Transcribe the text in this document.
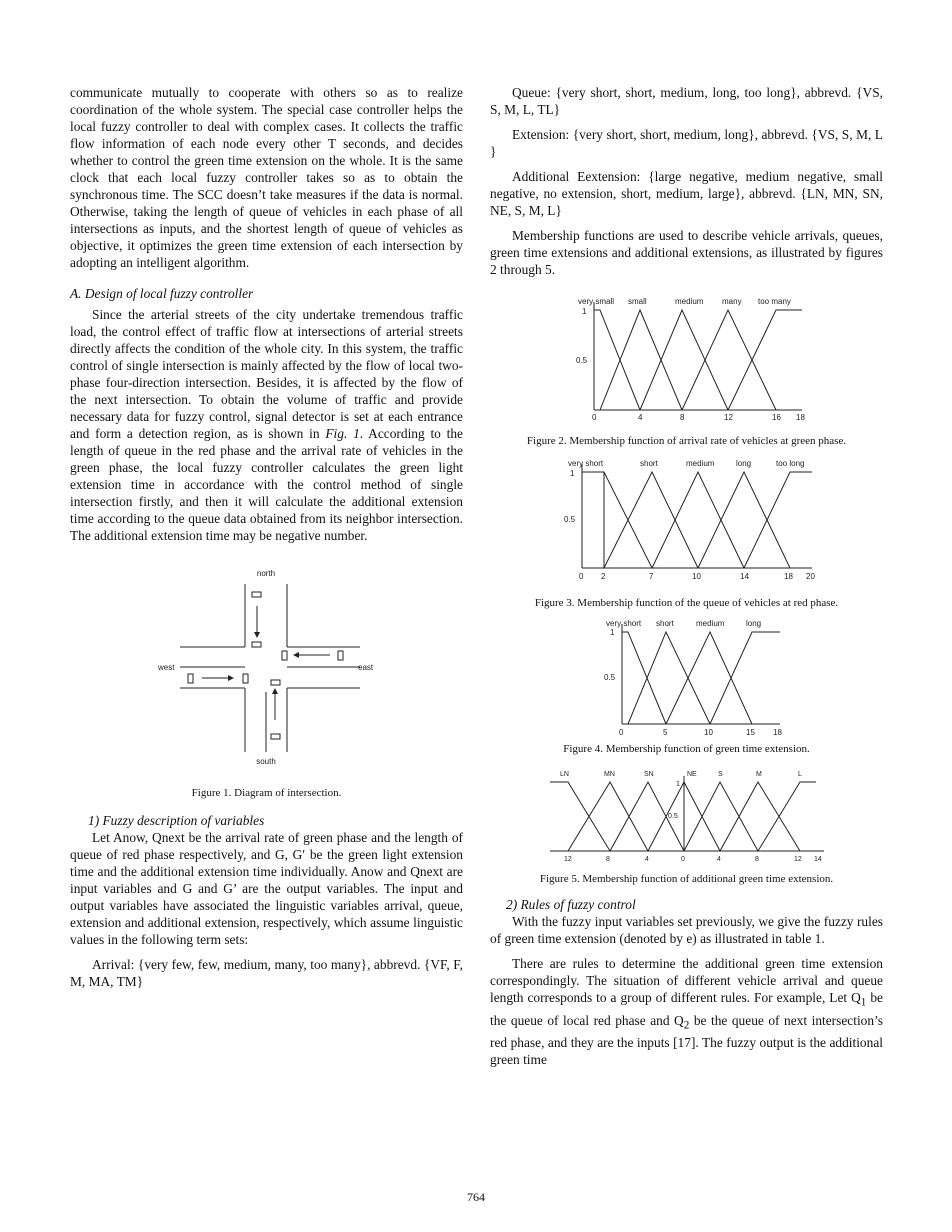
communicate mutually to cooperate with others so as to realize coordination of the whole system. The special case controller helps the local fuzzy controller to deal with complex cases. It collects the traffic flow information of each node every other T seconds, and decides whether to control the green time extension on the whole. It is the same clock that each local fuzzy controller takes so as to obtain the synchronous time. The SCC doesn’t take measures if the data is normal. Otherwise, taking the length of queue of vehicles in each phase of all intersections as inputs, and the shortest length of queue of vehicles as objective, it optimizes the green time extension of each intersection by adopting an intelligent algorithm.

A. Design of local fuzzy controller

Since the arterial streets of the city undertake tremendous traffic load, the control effect of traffic flow at intersections of arterial streets directly affects the condition of the whole city. In this system, the traffic control of single intersection is mainly affected by the flow of local two-phase four-direction intersection. Besides, it is affected by the flow of the next intersection. To obtain the volume of traffic and provide necessary data for fuzzy control, signal detector is set at each entrance and form a detection region, as is shown in Fig. 1. According to the length of queue in the red phase and the arrival rate of vehicles in the green phase, the local fuzzy controller calculates the green light extension time in accordance with the control method of single intersection firstly, and then it will calculate the additional extension time according to the queue data obtained from its neighbor intersection. The additional extension time may be negative number.

north
south
west	east
Figure 1. Diagram of intersection.
1) Fuzzy description of variables

Let Anow, Qnext be the arrival rate of green phase and the length of queue of red phase respectively, and G, G′ be the green light extension time and the additional extension time individually. Anow and Qnext are input variables and G and G’ are the output variables. The input and output variables have associated the linguistic variables arrival, queue, extension and additional extension, respectively, which assume linguistic values in the following term sets:

Arrival: {very few, few, medium, many, too many}, abbrevd. {VF, F, M, MA, TM}

Queue: {very short, short, medium, long, too long}, abbrevd. {VS, S, M, L, TL}

Extension: {very short, short, medium, long}, abbrevd. {VS, S, M, L }

Additional Eextension: {large negative, medium negative, small negative, no extension, short, medium, large}, abbrevd. {LN, MN, SN, NE, S, M, L}

Membership functions are used to describe vehicle arrivals, queues, green time extensions and additional extensions, as illustrated by figures 2 through 5.

very small small	medium many too many
1
0.5
0	4	8	12	16 18
Figure 2. Membership function of arrival rate of vehicles at green phase.
very short	short	medium	long	too long
1
0.5
0 2	7	10	14	18 20
Figure 3. Membership function of the queue of vehicles at red phase.
very short short	medium	long
1
0.5
0	5	10	15 18
Figure 4. Membership function of green time extension.
LN	MN	SN	NE	S	M	L
1
0.5
12	8	4	0	4	8	12 14
Figure 5. Membership function of additional green time extension.
2) Rules of fuzzy control

With the fuzzy input variables set previously, we give the fuzzy rules of green time extension (denoted by e) as illustrated in table 1.

There are rules to determine the additional green time extension correspondingly. The situation of different vehicle arrival and queue length corresponds to a group of different rules. For example, Let $Q_1$ be the queue of local red phase and $Q_2$ be the queue of next intersection’s red phase, and they are the inputs [17]. The fuzzy output is the additional green time

764
